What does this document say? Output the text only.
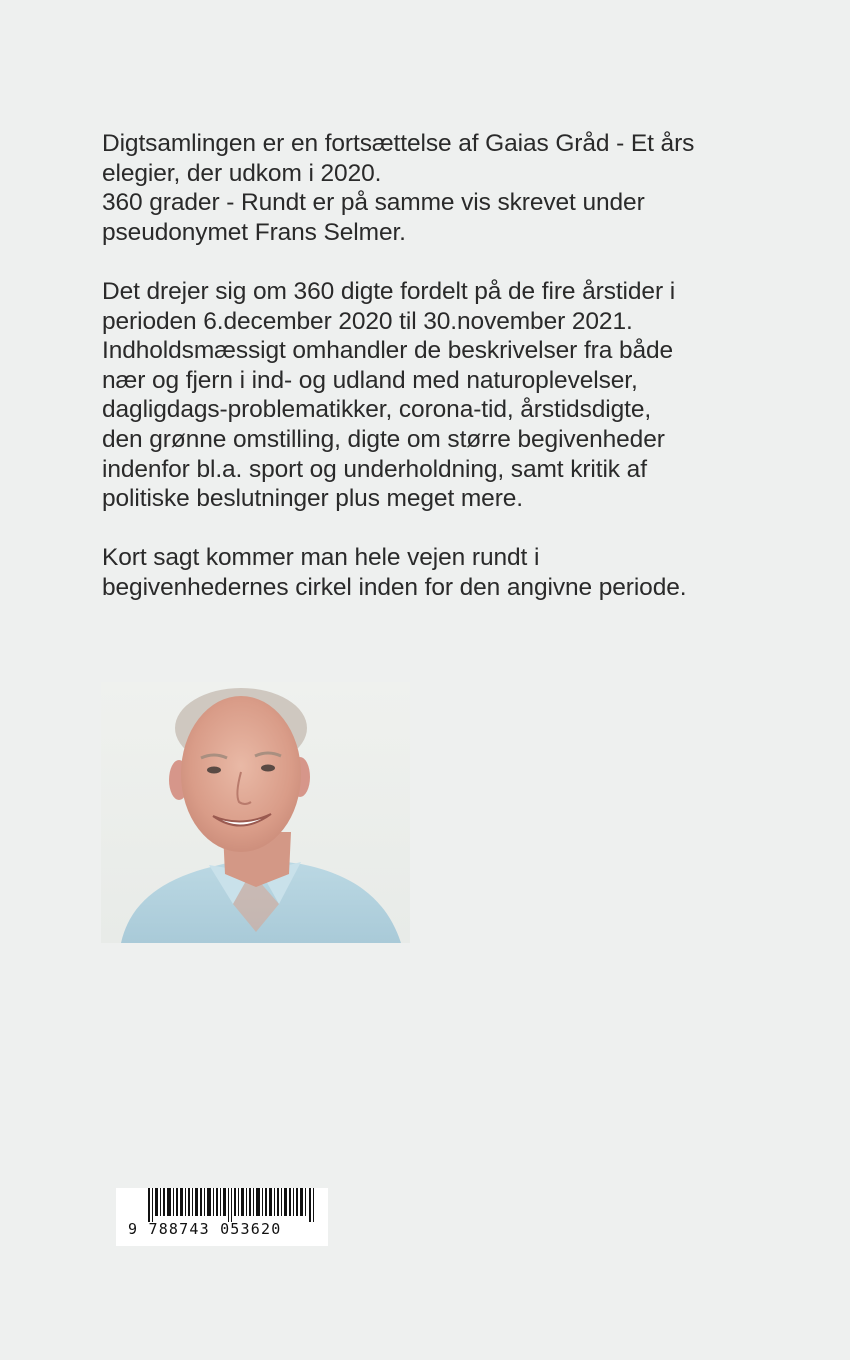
Digtsamlingen er en fortsættelse af Gaias Gråd - Et års
elegier, der udkom i 2020.
360 grader - Rundt er på samme vis skrevet under
pseudonymet Frans Selmer.

Det drejer sig om 360 digte fordelt på de fire årstider i
perioden 6.december 2020 til 30.november 2021.
Indholdsmæssigt omhandler de beskrivelser fra både
nær og fjern i ind- og udland med naturoplevelser,
dagligdags-problematikker, corona-tid, årstidsdigte,
den grønne omstilling, digte om større begivenheder
indenfor bl.a. sport og underholdning, samt kritik af
politiske beslutninger plus meget mere.

Kort sagt kommer man hele vejen rundt i
begivenhedernes cirkel inden for den angivne periode.

9 788743 053620
